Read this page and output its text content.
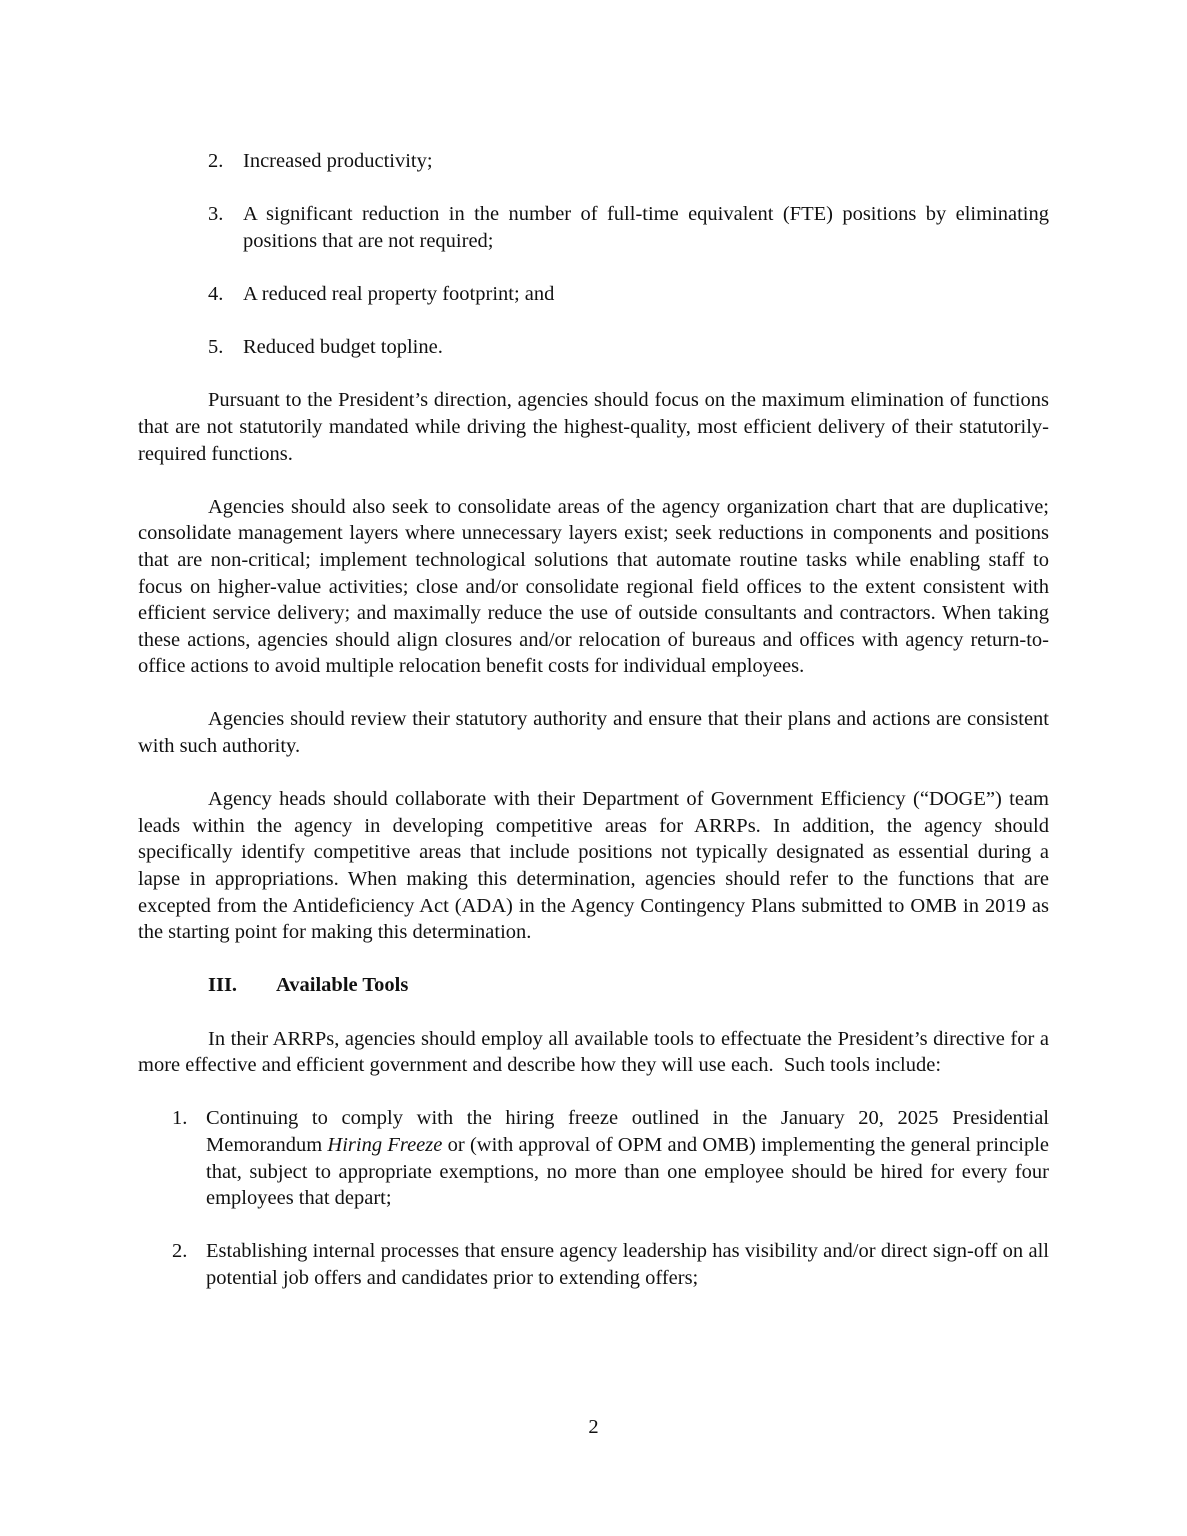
2. Increased productivity;
3. A significant reduction in the number of full-time equivalent (FTE) positions by eliminating positions that are not required;
4. A reduced real property footprint; and
5. Reduced budget topline.

Pursuant to the President’s direction, agencies should focus on the maximum elimination of functions that are not statutorily mandated while driving the highest-quality, most efficient delivery of their statutorily-required functions.

Agencies should also seek to consolidate areas of the agency organization chart that are duplicative; consolidate management layers where unnecessary layers exist; seek reductions in components and positions that are non-critical; implement technological solutions that automate routine tasks while enabling staff to focus on higher-value activities; close and/or consolidate regional field offices to the extent consistent with efficient service delivery; and maximally reduce the use of outside consultants and contractors. When taking these actions, agencies should align closures and/or relocation of bureaus and offices with agency return-to-office actions to avoid multiple relocation benefit costs for individual employees.

Agencies should review their statutory authority and ensure that their plans and actions are consistent with such authority.

Agency heads should collaborate with their Department of Government Efficiency (“DOGE”) team leads within the agency in developing competitive areas for ARRPs. In addition, the agency should specifically identify competitive areas that include positions not typically designated as essential during a lapse in appropriations. When making this determination, agencies should refer to the functions that are excepted from the Antideficiency Act (ADA) in the Agency Contingency Plans submitted to OMB in 2019 as the starting point for making this determination.

III.	Available Tools

In their ARRPs, agencies should employ all available tools to effectuate the President’s directive for a more effective and efficient government and describe how they will use each.  Such tools include:

1. Continuing to comply with the hiring freeze outlined in the January 20, 2025 Presidential Memorandum Hiring Freeze or (with approval of OPM and OMB) implementing the general principle that, subject to appropriate exemptions, no more than one employee should be hired for every four employees that depart;
2. Establishing internal processes that ensure agency leadership has visibility and/or direct sign-off on all potential job offers and candidates prior to extending offers;
2
